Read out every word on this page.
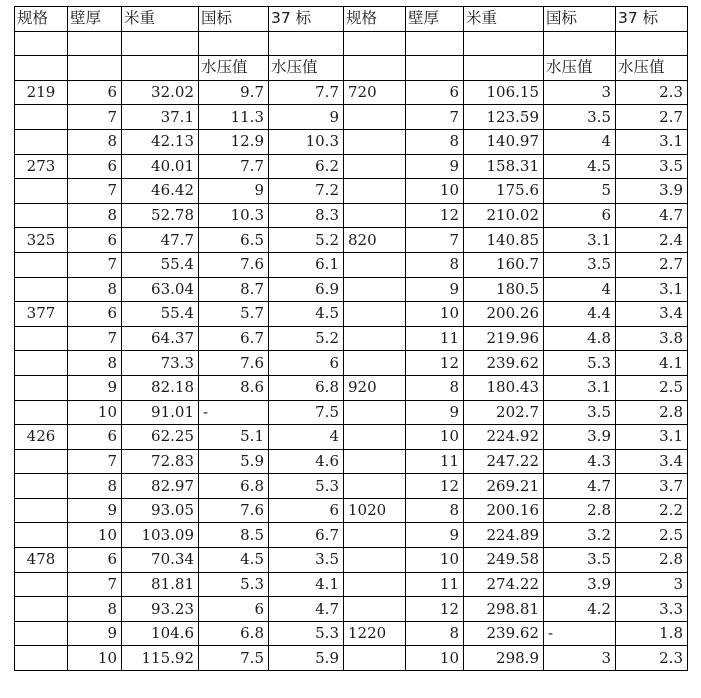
规格	壁厚	米重	国标	37 标	规格	壁厚	米重	国标	37 标

			水压值	水压值				水压值	水压值
219	6	32.02	9.7	7.7	720	6	106.15	3	2.3
	7	37.1	11.3	9		7	123.59	3.5	2.7
	8	42.13	12.9	10.3		8	140.97	4	3.1
273	6	40.01	7.7	6.2		9	158.31	4.5	3.5
	7	46.42	9	7.2		10	175.6	5	3.9
	8	52.78	10.3	8.3		12	210.02	6	4.7
325	6	47.7	6.5	5.2	820	7	140.85	3.1	2.4
	7	55.4	7.6	6.1		8	160.7	3.5	2.7
	8	63.04	8.7	6.9		9	180.5	4	3.1
377	6	55.4	5.7	4.5		10	200.26	4.4	3.4
	7	64.37	6.7	5.2		11	219.96	4.8	3.8
	8	73.3	7.6	6		12	239.62	5.3	4.1
	9	82.18	8.6	6.8	920	8	180.43	3.1	2.5
	10	91.01	-	7.5		9	202.7	3.5	2.8
426	6	62.25	5.1	4		10	224.92	3.9	3.1
	7	72.83	5.9	4.6		11	247.22	4.3	3.4
	8	82.97	6.8	5.3		12	269.21	4.7	3.7
	9	93.05	7.6	6	1020	8	200.16	2.8	2.2
	10	103.09	8.5	6.7		9	224.89	3.2	2.5
478	6	70.34	4.5	3.5		10	249.58	3.5	2.8
	7	81.81	5.3	4.1		11	274.22	3.9	3
	8	93.23	6	4.7		12	298.81	4.2	3.3
	9	104.6	6.8	5.3	1220	8	239.62	-	1.8
	10	115.92	7.5	5.9		10	298.9	3	2.3
